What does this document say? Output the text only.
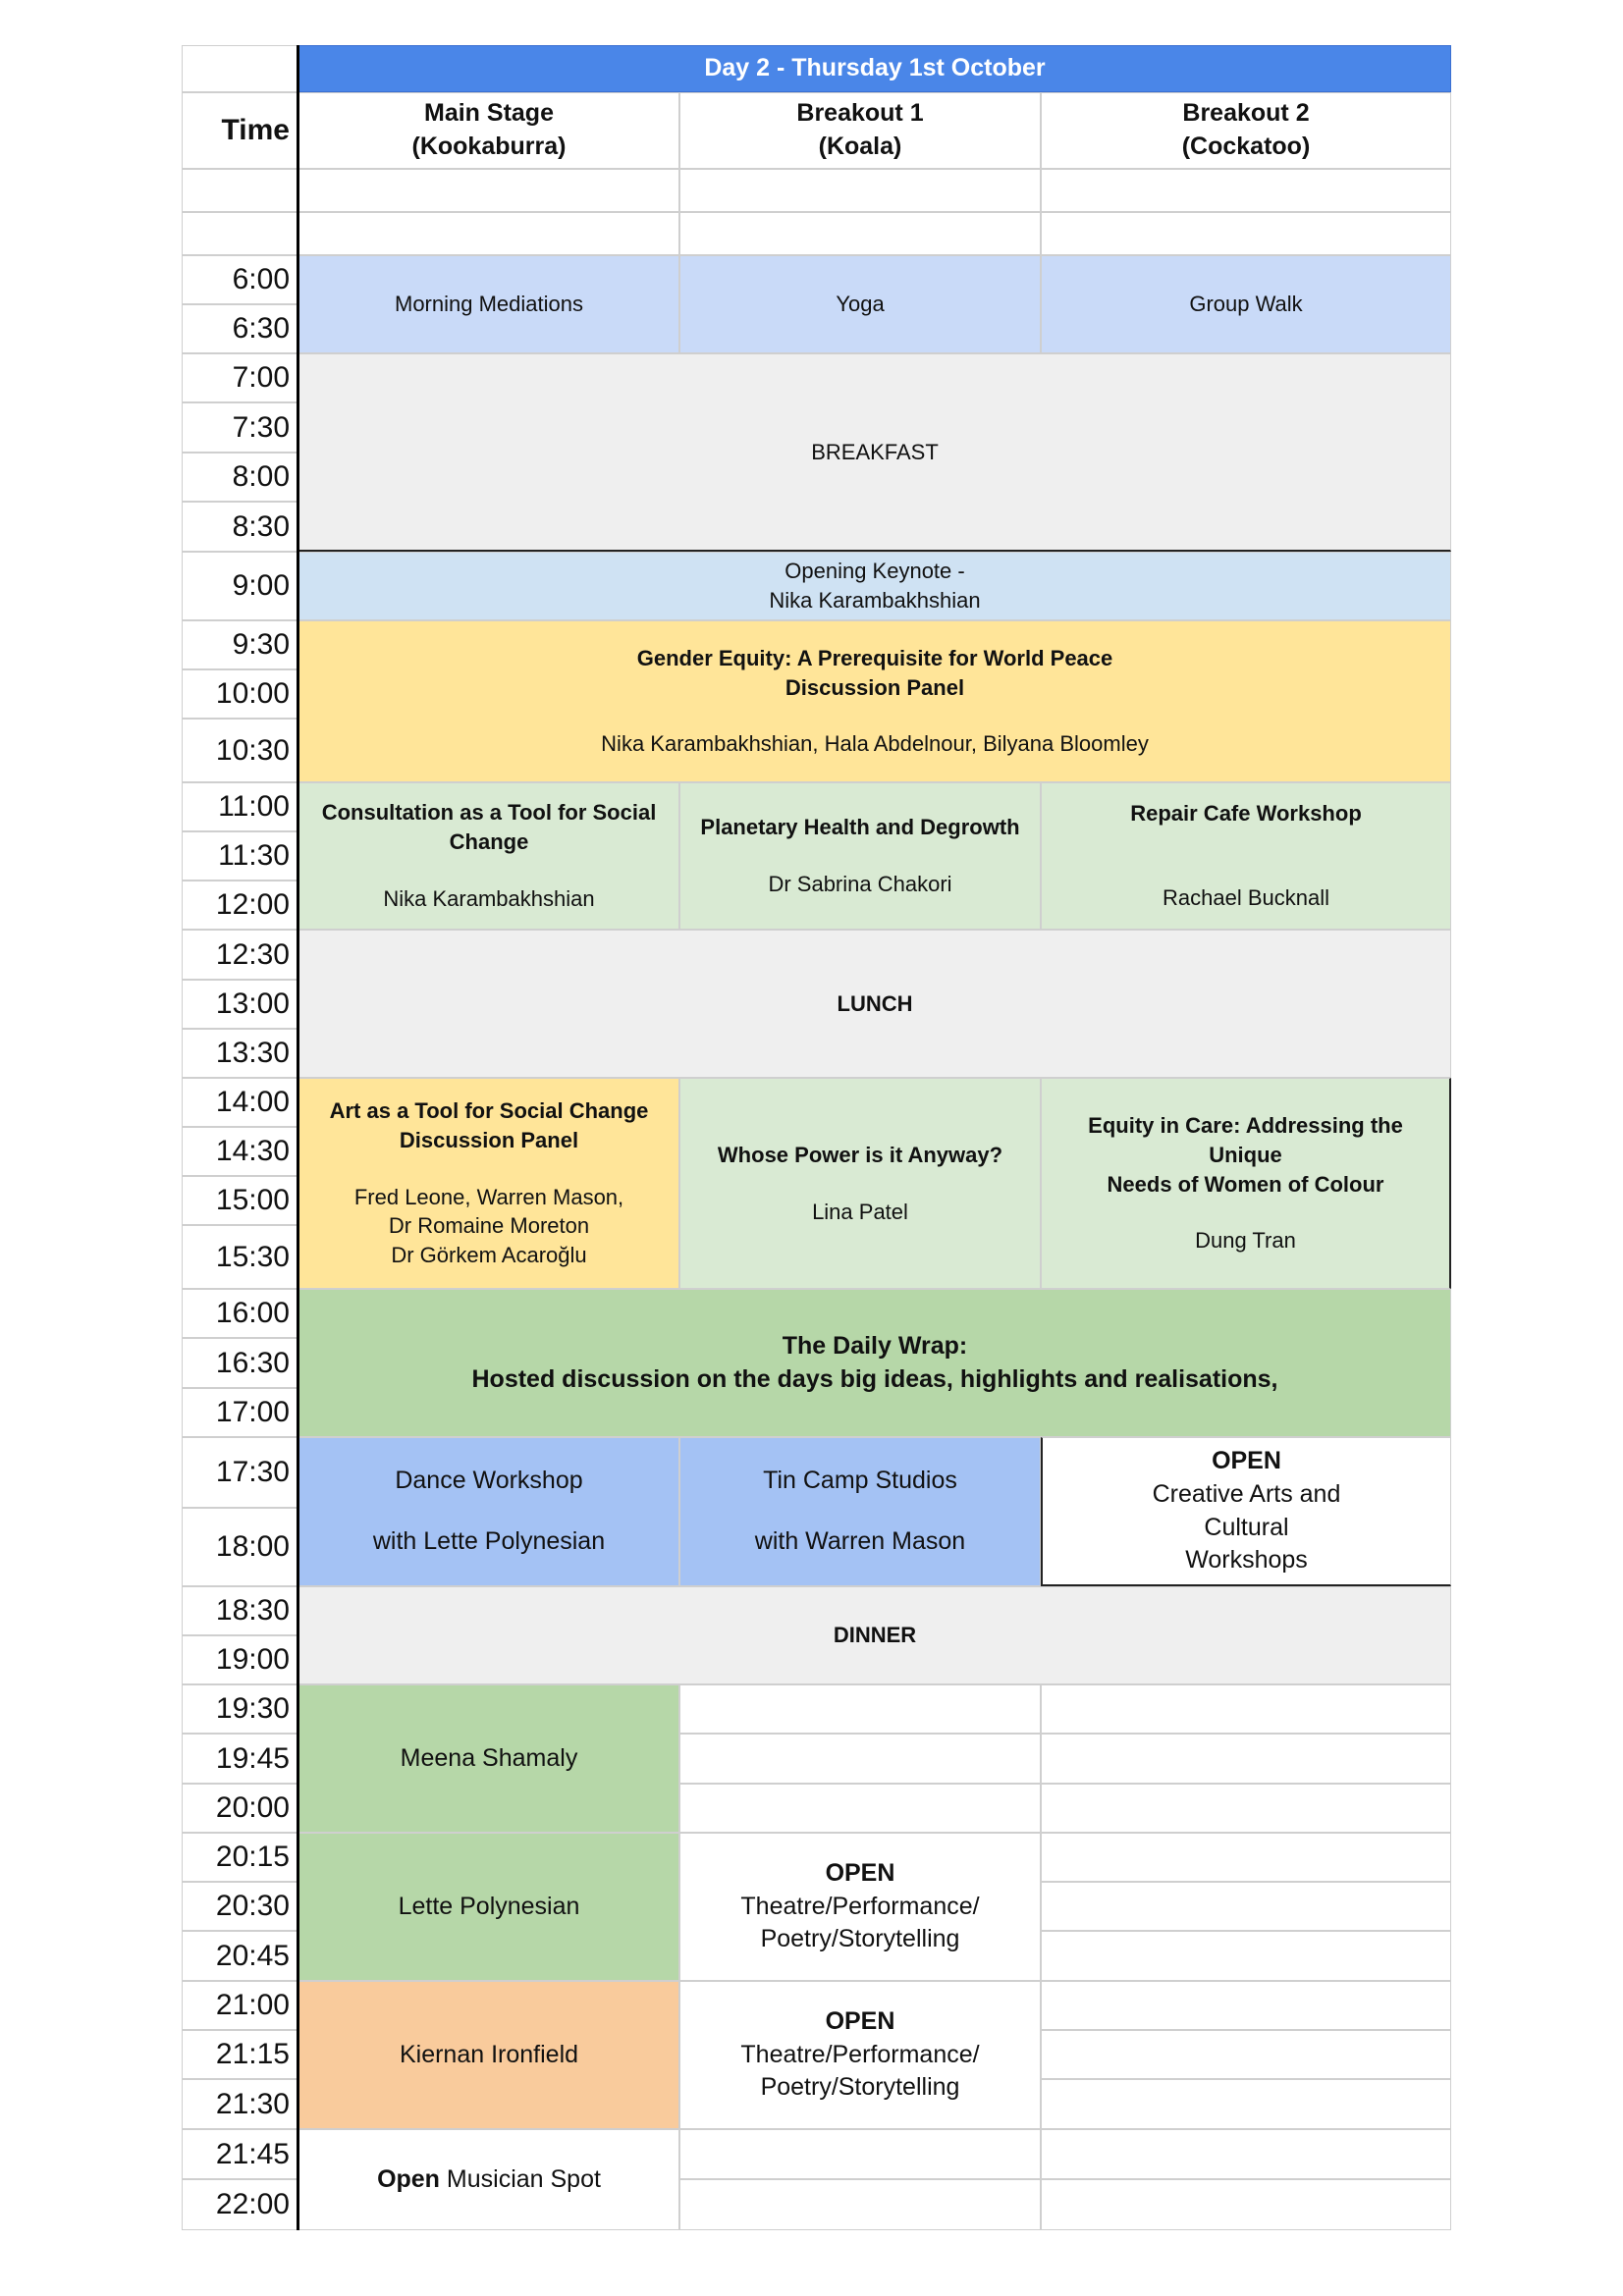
Day 2 - Thursday 1st October
Time
Main Stage
(Kookaburra)
Breakout 1
(Koala)
Breakout 2
(Cockatoo)
6:00
6:30
7:00
7:30
8:00
8:30
9:00
9:30
10:00
10:30
11:00
11:30
12:00
12:30
13:00
13:30
14:00
14:30
15:00
15:30
16:00
16:30
17:00
17:30
18:00
18:30
19:00
19:30
19:45
20:00
20:15
20:30
20:45
21:00
21:15
21:30
21:45
22:00
Morning Mediations	Yoga	Group Walk
BREAKFAST
Opening Keynote -
Nika Karambakhshian
Gender Equity: A Prerequisite for World Peace
Discussion Panel
Nika Karambakhshian, Hala Abdelnour, Bilyana Bloomley
Consultation as a Tool for Social
Change
Nika Karambakhshian
Planetary Health and Degrowth
Dr Sabrina Chakori
Repair Cafe Workshop
Rachael Bucknall
LUNCH
Art as a Tool for Social Change
Discussion Panel
Fred Leone, Warren Mason,
Dr Romaine Moreton
Dr Görkem Acaroğlu
Whose Power is it Anyway?
Lina Patel
Equity in Care: Addressing the Unique
Needs of Women of Colour
Dung Tran
The Daily Wrap:
Hosted discussion on the days big ideas, highlights and realisations,
Dance Workshop
with Lette Polynesian
Tin Camp Studios
with Warren Mason
OPEN
Creative Arts and
Cultural
Workshops
DINNER
Meena Shamaly
Lette Polynesian
Kiernan Ironfield
Open Musician Spot
OPEN
Theatre/Performance/
Poetry/Storytelling
OPEN
Theatre/Performance/
Poetry/Storytelling
